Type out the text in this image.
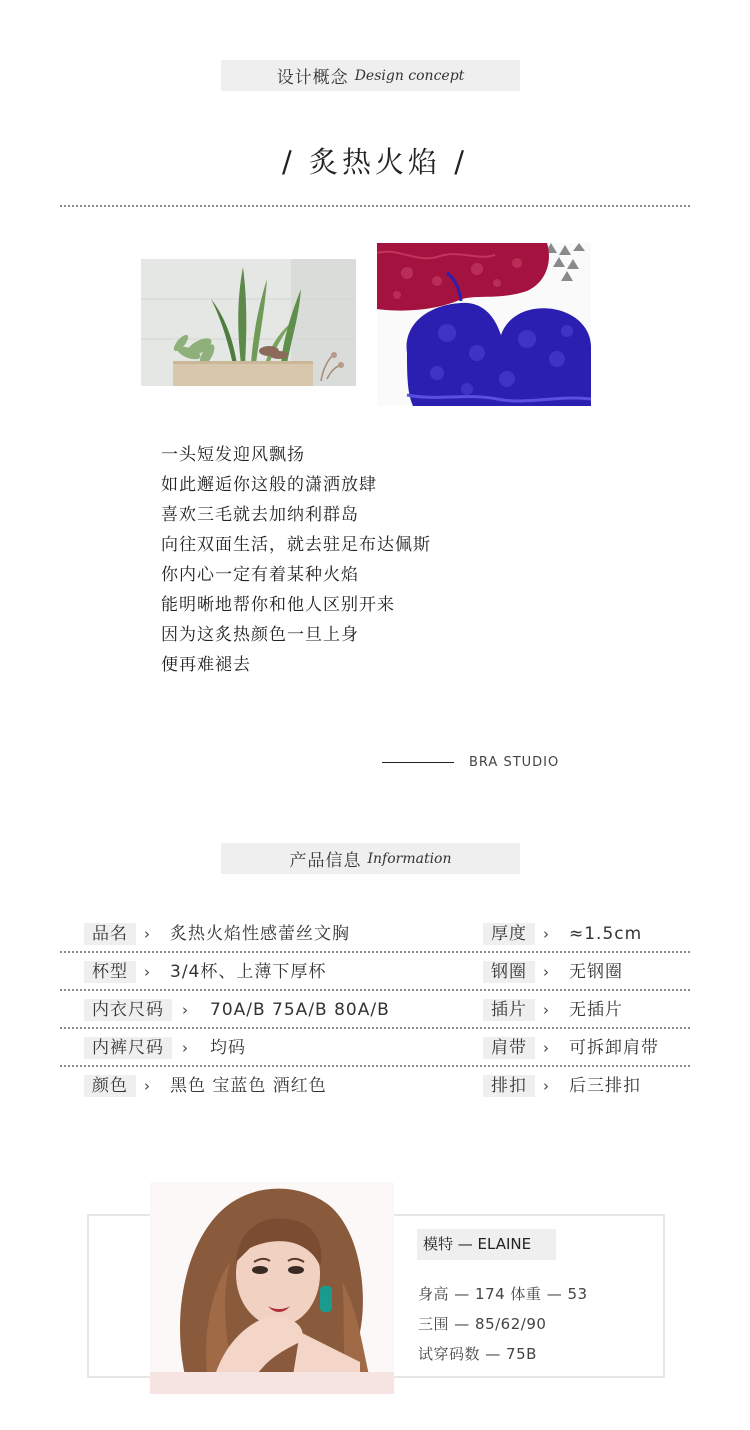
设计概念 Design concept
/ 炙热火焰 /
一头短发迎风飘扬
如此邂逅你这般的潇洒放肆
喜欢三毛就去加纳利群岛
向往双面生活，就去驻足布达佩斯
你内心一定有着某种火焰
能明晰地帮你和他人区别开来
因为这炙热颜色一旦上身
便再难褪去
BRA STUDIO
产品信息 Information
品名	› 炙热火焰性感蕾丝文胸	厚度	› ≈1.5cm
杯型	› 3/4杯、上薄下厚杯	钢圈	› 无钢圈
内衣尺码	› 70A/B 75A/B 80A/B	插片	› 无插片
内裤尺码	› 均码	肩带	› 可拆卸肩带
颜色	› 黑色 宝蓝色 酒红色	排扣	› 后三排扣
模特 — ELAINE
身高 — 174 体重 — 53
三围 — 85/62/90
试穿码数 — 75B
